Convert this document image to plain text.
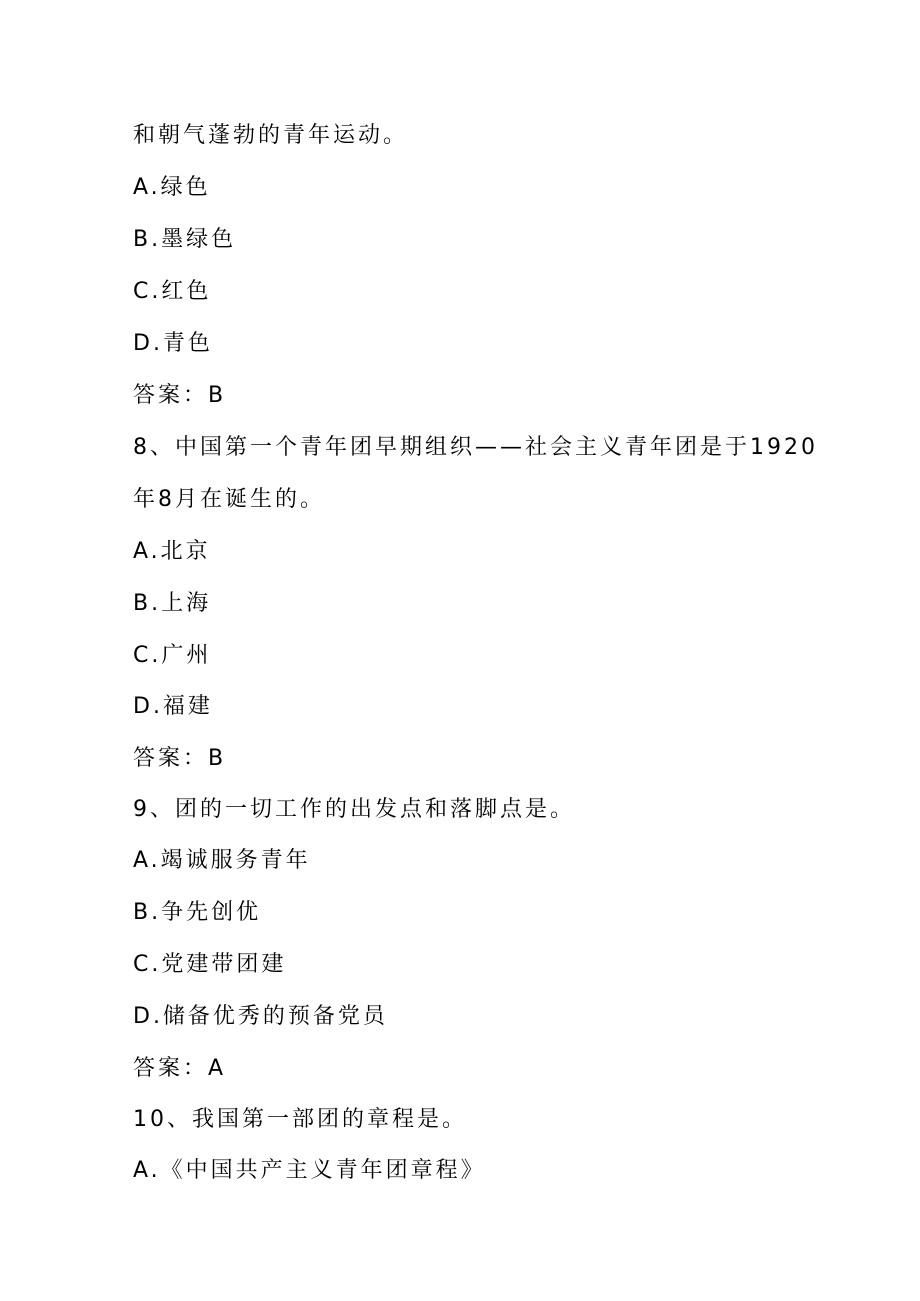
和朝气蓬勃的青年运动。
A.绿色
B.墨绿色
C.红色
D.青色
答案：B
8、中国第一个青年团早期组织——社会主义青年团是于1920
年8月在诞生的。
A.北京
B.上海
C.广州
D.福建
答案：B
9、团的一切工作的出发点和落脚点是。
A.竭诚服务青年
B.争先创优
C.党建带团建
D.储备优秀的预备党员
答案：A
10、我国第一部团的章程是。
A.《中国共产主义青年团章程》
